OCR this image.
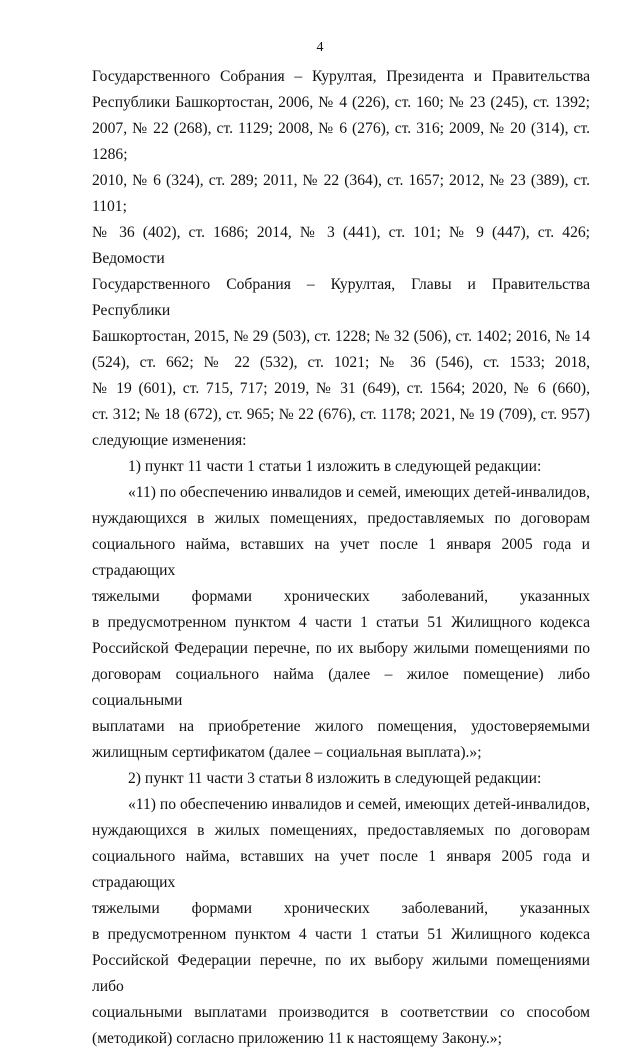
4

Государственного Собрания – Курултая, Президента и Правительства
Республики Башкортостан, 2006, № 4 (226), ст. 160; № 23 (245), ст. 1392;
2007, № 22 (268), ст. 1129; 2008, № 6 (276), ст. 316; 2009, № 20 (314), ст. 1286;
2010, № 6 (324), ст. 289; 2011, № 22 (364), ст. 1657; 2012, № 23 (389), ст. 1101;
№ 36 (402), ст. 1686; 2014, № 3 (441), ст. 101; № 9 (447), ст. 426; Ведомости
Государственного Собрания – Курултая, Главы и Правительства Республики
Башкортостан, 2015, № 29 (503), ст. 1228; № 32 (506), ст. 1402; 2016, № 14
(524), ст. 662; № 22 (532), ст. 1021; № 36 (546), ст. 1533; 2018,
№ 19 (601), ст. 715, 717; 2019, № 31 (649), ст. 1564; 2020, № 6 (660),
ст. 312; № 18 (672), ст. 965; № 22 (676), ст. 1178; 2021, № 19 (709), ст. 957)
следующие изменения:

1) пункт 11 части 1 статьи 1 изложить в следующей редакции:

«11) по обеспечению инвалидов и семей, имеющих детей-инвалидов,
нуждающихся в жилых помещениях, предоставляемых по договорам
социального найма, вставших на учет после 1 января 2005 года и страдающих
тяжелыми формами хронических заболеваний, указанных
в предусмотренном пунктом 4 части 1 статьи 51 Жилищного кодекса
Российской Федерации перечне, по их выбору жилыми помещениями по
договорам социального найма (далее – жилое помещение) либо социальными
выплатами на приобретение жилого помещения, удостоверяемыми
жилищным сертификатом (далее – социальная выплата).»;

2) пункт 11 части 3 статьи 8 изложить в следующей редакции:

«11) по обеспечению инвалидов и семей, имеющих детей-инвалидов,
нуждающихся в жилых помещениях, предоставляемых по договорам
социального найма, вставших на учет после 1 января 2005 года и страдающих
тяжелыми формами хронических заболеваний, указанных
в предусмотренном пунктом 4 части 1 статьи 51 Жилищного кодекса
Российской Федерации перечне, по их выбору жилыми помещениями либо
социальными выплатами производится в соответствии со способом
(методикой) согласно приложению 11 к настоящему Закону.»;
